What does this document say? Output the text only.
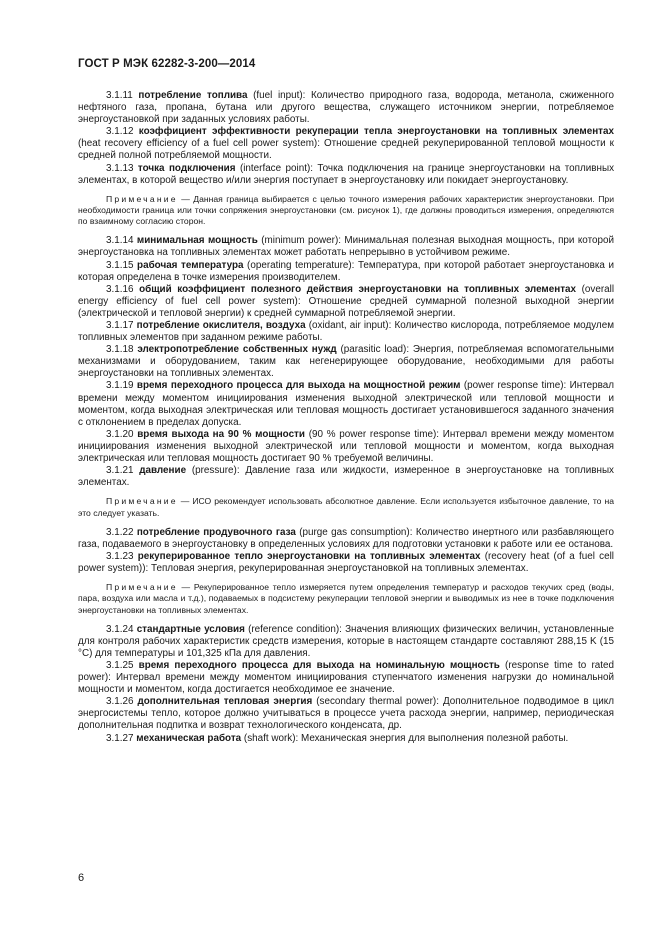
ГОСТ Р МЭК 62282-3-200—2014

3.1.11 потребление топлива (fuel input): Количество природного газа, водорода, метанола, сжиженного нефтяного газа, пропана, бутана или другого вещества, служащего источником энергии, потребляемое энергоустановкой при заданных условиях работы.

3.1.12 коэффициент эффективности рекуперации тепла энергоустановки на топливных элементах (heat recovery efficiency of a fuel cell power system): Отношение средней рекуперированной тепловой мощности к средней полной потребляемой мощности.

3.1.13 точка подключения (interface point): Точка подключения на границе энергоустановки на топливных элементах, в которой вещество и/или энергия поступает в энергоустановку или покидает энергоустановку.

Примечание — Данная граница выбирается с целью точного измерения рабочих характеристик энергоустановки. При необходимости граница или точки сопряжения энергоустановки (см. рисунок 1), где должны проводиться измерения, определяются по взаимному согласию сторон.

3.1.14 минимальная мощность (minimum power): Минимальная полезная выходная мощность, при которой энергоустановка на топливных элементах может работать непрерывно в устойчивом режиме.

3.1.15 рабочая температура (operating temperature): Температура, при которой работает энергоустановка и которая определена в точке измерения производителем.

3.1.16 общий коэффициент полезного действия энергоустановки на топливных элементах (overall energy efficiency of fuel cell power system): Отношение средней суммарной полезной выходной энергии (электрической и тепловой энергии) к средней суммарной потребляемой энергии.

3.1.17 потребление окислителя, воздуха (oxidant, air input): Количество кислорода, потребляемое модулем топливных элементов при заданном режиме работы.

3.1.18 электропотребление собственных нужд (parasitic load): Энергия, потребляемая вспомогательными механизмами и оборудованием, таким как негенерирующее оборудование, необходимыми для работы энергоустановки на топливных элементах.

3.1.19 время переходного процесса для выхода на мощностной режим (power response time): Интервал времени между моментом инициирования изменения выходной электрической или тепловой мощности и моментом, когда выходная электрическая или тепловая мощность достигает установившегося заданного значения с отклонением в пределах допуска.

3.1.20 время выхода на 90 % мощности (90 % power response time): Интервал времени между моментом инициирования изменения выходной электрической или тепловой мощности и моментом, когда выходная электрическая или тепловая мощность достигает 90 % требуемой величины.

3.1.21 давление (pressure): Давление газа или жидкости, измеренное в энергоустановке на топливных элементах.

Примечание — ИСО рекомендует использовать абсолютное давление. Если используется избыточное давление, то на это следует указать.

3.1.22 потребление продувочного газа (purge gas consumption): Количество инертного или разбавляющего газа, подаваемого в энергоустановку в определенных условиях для подготовки установки к работе или ее останова.

3.1.23 рекуперированное тепло энергоустановки на топливных элементах (recovery heat (of a fuel cell power system)): Тепловая энергия, рекуперированная энергоустановкой на топливных элементах.

Примечание — Рекуперированное тепло измеряется путем определения температур и расходов текучих сред (воды, пара, воздуха или масла и т.д.), подаваемых в подсистему рекуперации тепловой энергии и выводимых из нее в точке подключения энергоустановки на топливных элементах.

3.1.24 стандартные условия (reference condition): Значения влияющих физических величин, установленные для контроля рабочих характеристик средств измерения, которые в настоящем стандарте составляют 288,15 K (15 °C) для температуры и 101,325 кПа для давления.

3.1.25 время переходного процесса для выхода на номинальную мощность (response time to rated power): Интервал времени между моментом инициирования ступенчатого изменения нагрузки до номинальной мощности и моментом, когда достигается необходимое ее значение.

3.1.26 дополнительная тепловая энергия (secondary thermal power): Дополнительное подводимое в цикл энергосистемы тепло, которое должно учитываться в процессе учета расхода энергии, например, периодическая дополнительная подпитка и возврат технологического конденсата, др.

3.1.27 механическая работа (shaft work): Механическая энергия для выполнения полезной работы.

6
